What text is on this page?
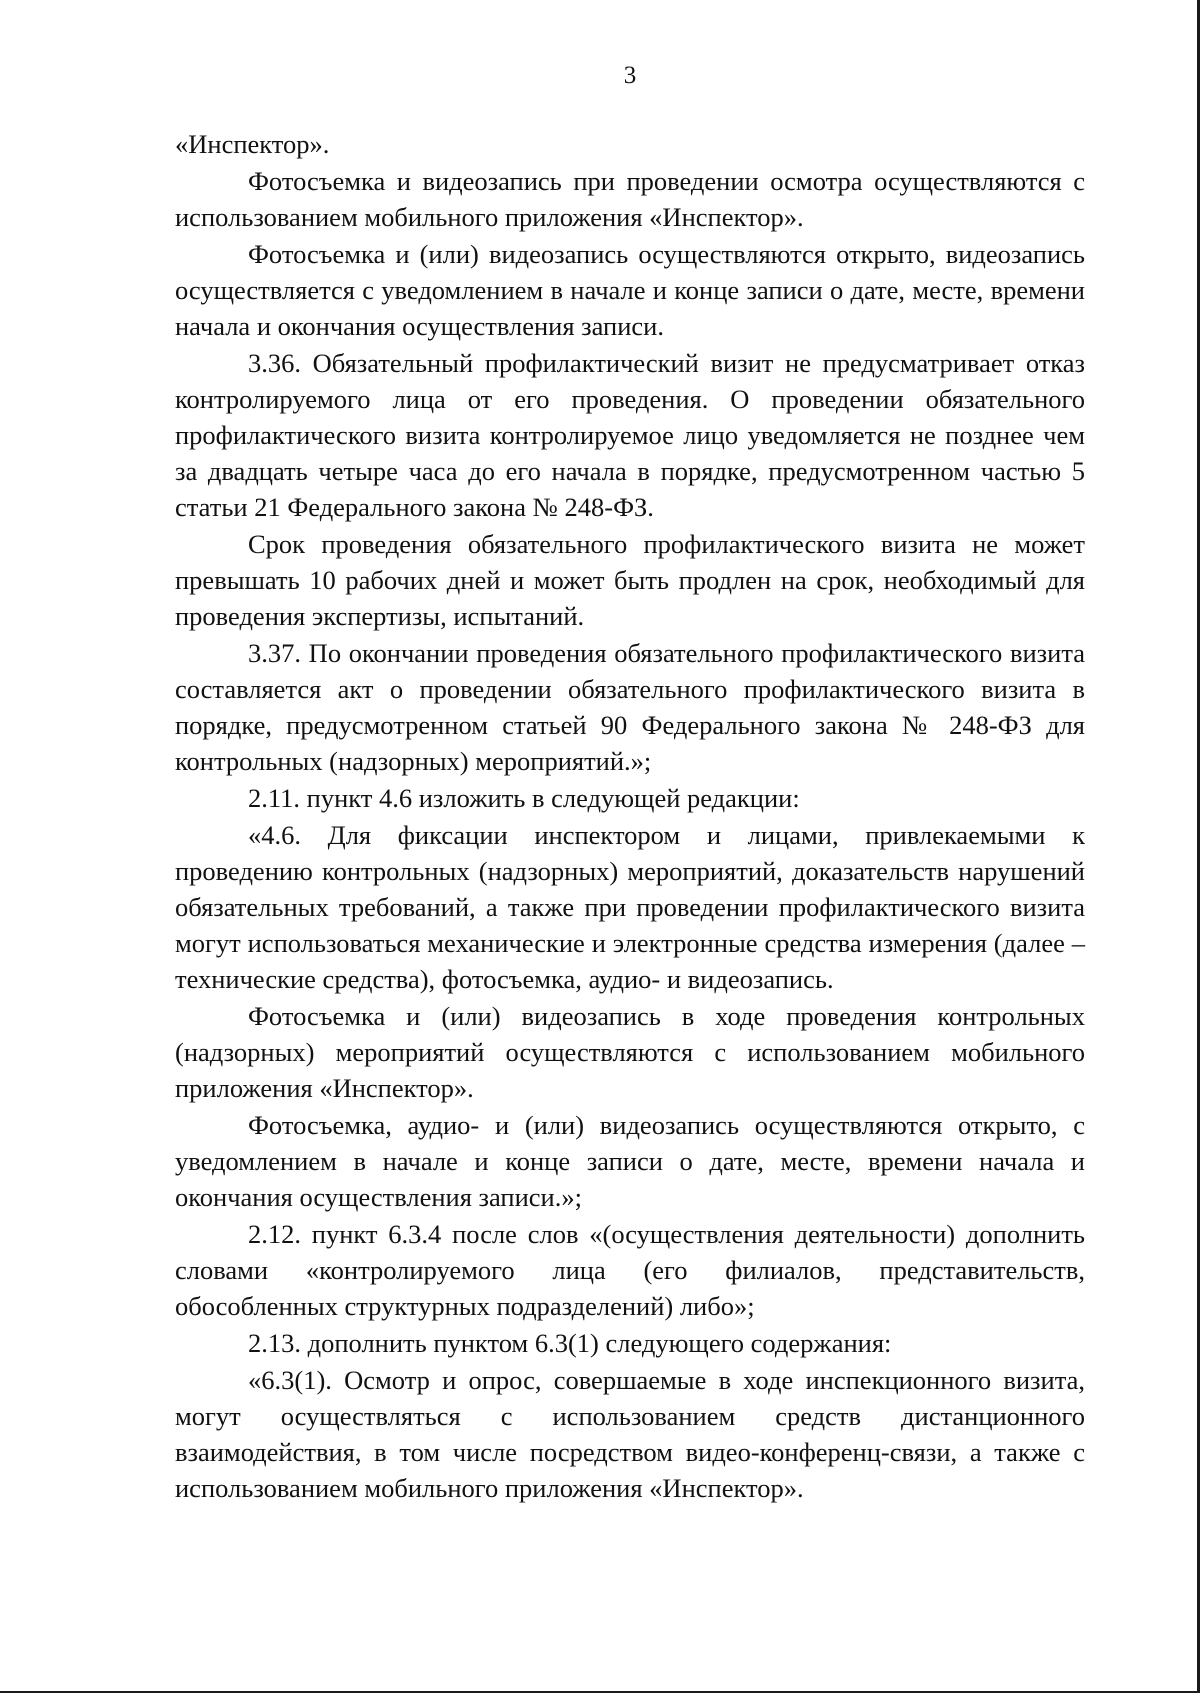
3

«Инспектор».

Фотосъемка и видеозапись при проведении осмотра осуществляются с использованием мобильного приложения «Инспектор».

Фотосъемка и (или) видеозапись осуществляются открыто, видеозапись осуществляется с уведомлением в начале и конце записи о дате, месте, времени начала и окончания осуществления записи.

3.36. Обязательный профилактический визит не предусматривает отказ контролируемого лица от его проведения. О проведении обязательного профилактического визита контролируемое лицо уведомляется не позднее чем за двадцать четыре часа до его начала в порядке, предусмотренном частью 5 статьи 21 Федерального закона № 248-ФЗ.

Срок проведения обязательного профилактического визита не может превышать 10 рабочих дней и может быть продлен на срок, необходимый для проведения экспертизы, испытаний.

3.37. По окончании проведения обязательного профилактического визита составляется акт о проведении обязательного профилактического визита в порядке, предусмотренном статьей 90 Федерального закона № 248-ФЗ для контрольных (надзорных) мероприятий.»;

2.11. пункт 4.6 изложить в следующей редакции:

«4.6. Для фиксации инспектором и лицами, привлекаемыми к проведению контрольных (надзорных) мероприятий, доказательств нарушений обязательных требований, а также при проведении профилактического визита могут использоваться механические и электронные средства измерения (далее – технические средства), фотосъемка, аудио- и видеозапись.

Фотосъемка и (или) видеозапись в ходе проведения контрольных (надзорных) мероприятий осуществляются с использованием мобильного приложения «Инспектор».

Фотосъемка, аудио- и (или) видеозапись осуществляются открыто, с уведомлением в начале и конце записи о дате, месте, времени начала и окончания осуществления записи.»;

2.12. пункт 6.3.4 после слов «(осуществления деятельности) дополнить словами «контролируемого лица (его филиалов, представительств, обособленных структурных подразделений) либо»;

2.13. дополнить пунктом 6.3(1) следующего содержания:

«6.3(1). Осмотр и опрос, совершаемые в ходе инспекционного визита, могут осуществляться с использованием средств дистанционного взаимодействия, в том числе посредством видео-конференц-связи, а также с использованием мобильного приложения «Инспектор».
